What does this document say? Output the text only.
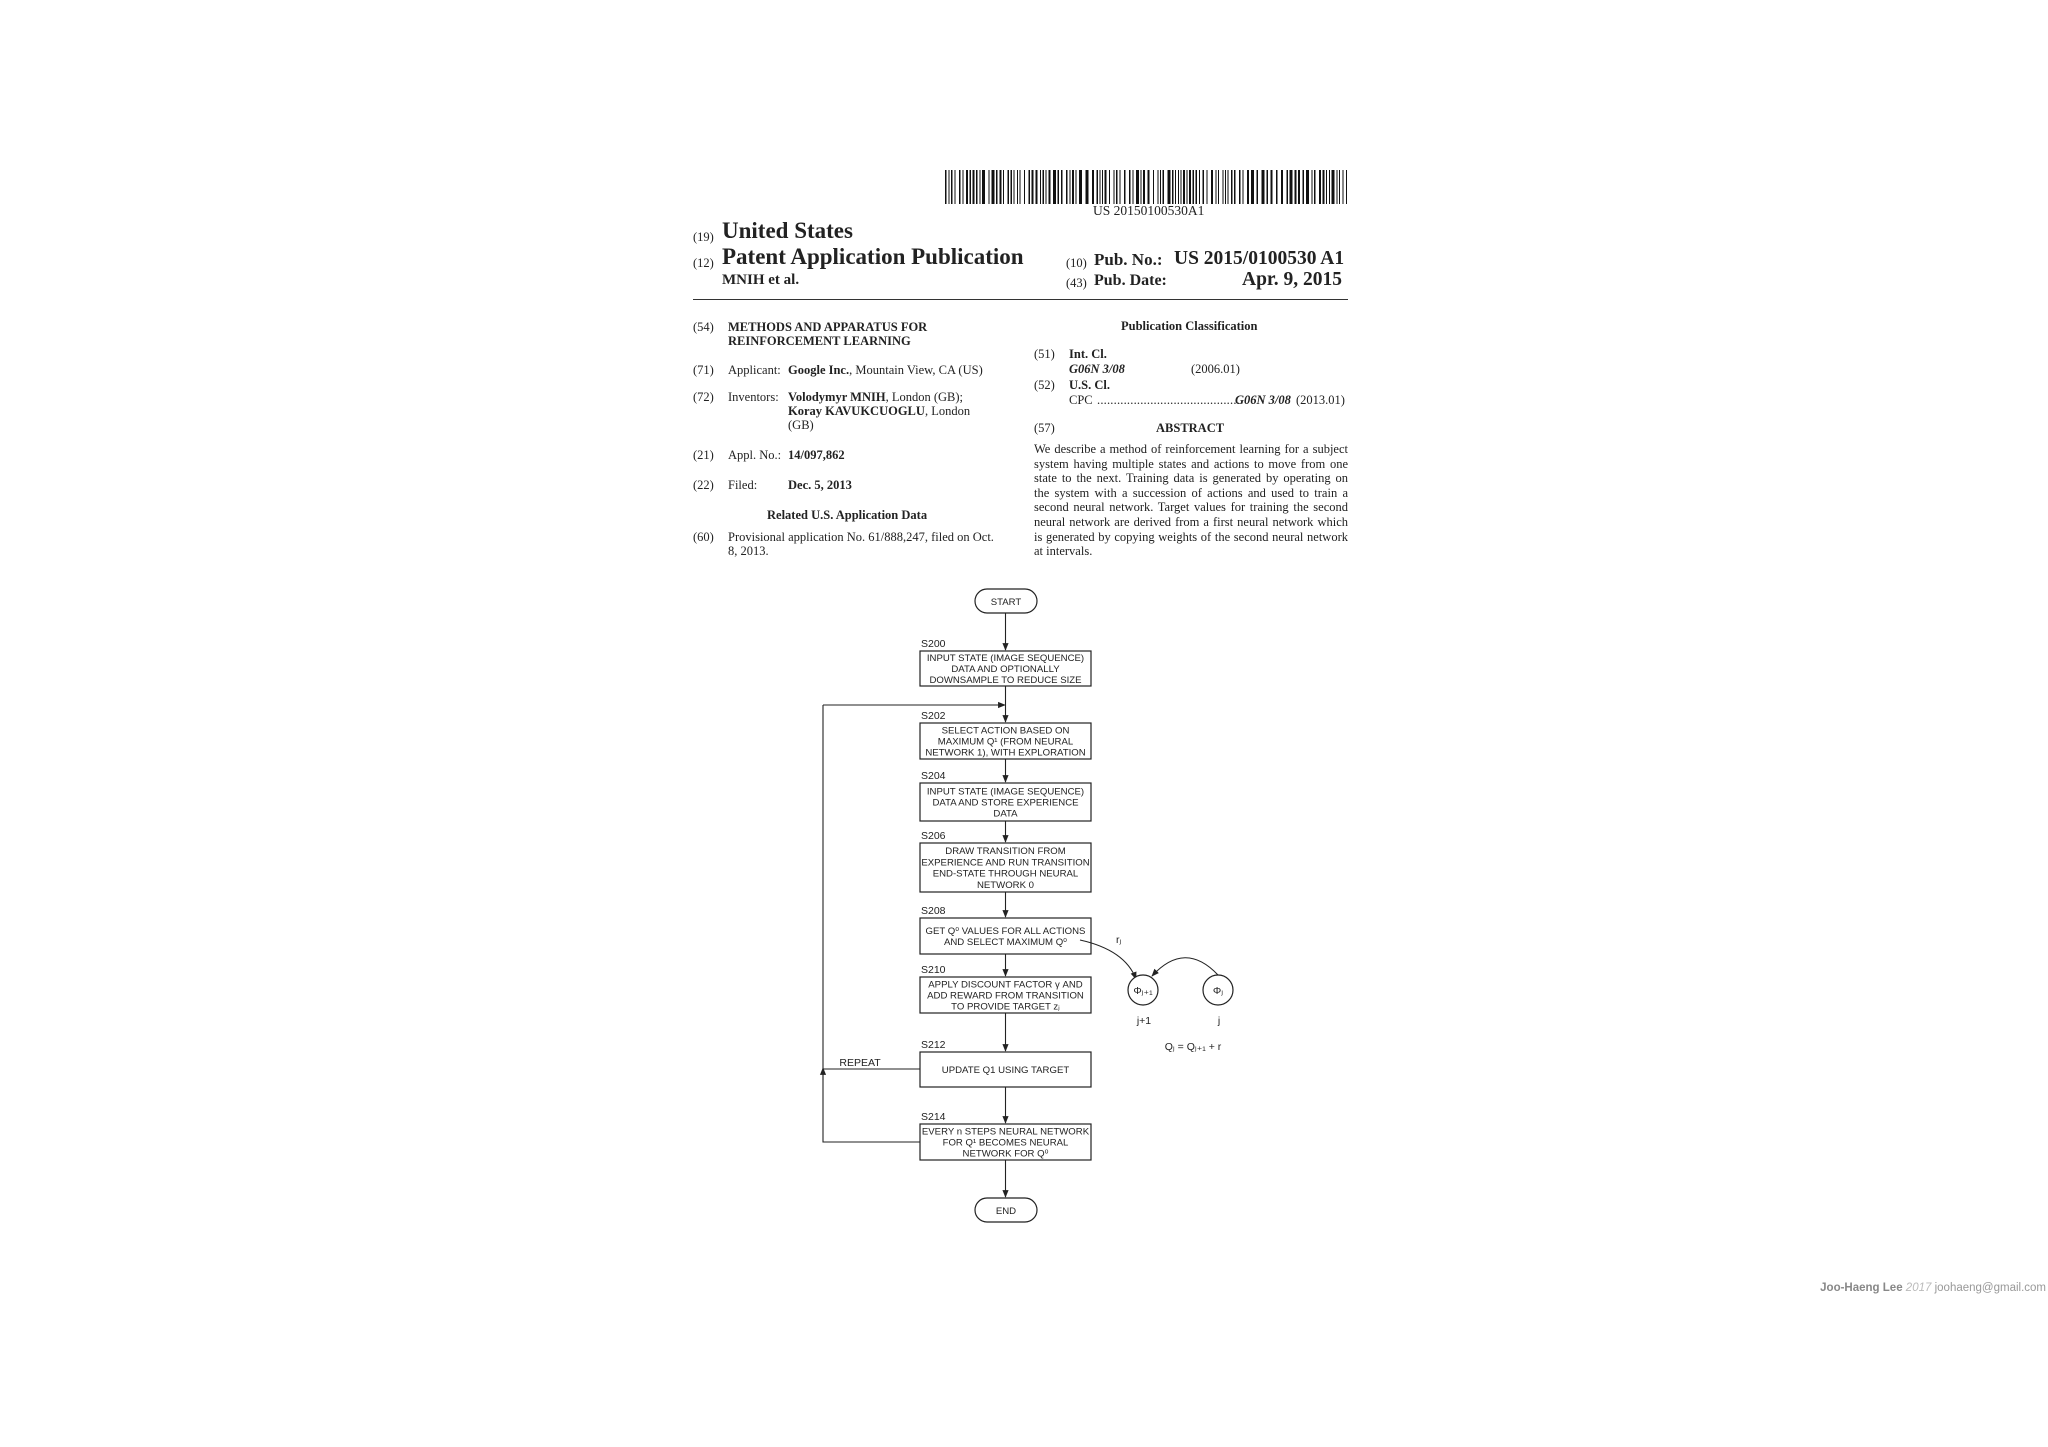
US 20150100530A1
(19) United States
(12) Patent Application Publication
MNIH et al.
(10) Pub. No.: US 2015/0100530 A1
(43) Pub. Date:	Apr. 9, 2015
(54) METHODS AND APPARATUS FOR
REINFORCEMENT LEARNING
(71) Applicant: Google Inc., Mountain View, CA (US)
(72) Inventors: Volodymyr MNIH, London (GB);
Koray KAVUKCUOGLU, London
(GB)
(21) Appl. No.: 14/097,862
(22) Filed: Dec. 5, 2013
Related U.S. Application Data
(60) Provisional application No. 61/888,247, filed on Oct.
8, 2013.
Publication Classification
(51) Int. Cl.
G06N 3/08	(2006.01)
(52) U.S. Cl.
CPC ...........................................
G06N 3/08 (2013.01)
(57)	ABSTRACT
We describe a method of reinforcement learning for a subject system having multiple states and actions to move from one state to the next. Training data is generated by operating on the system with a succession of actions and used to train a second neural network. Target values for training the second neural network are derived from a first neural network which is generated by copying weights of the second neural network at intervals.
START
END
S200
INPUT STATE (IMAGE SEQUENCE)
DATA AND OPTIONALLY
DOWNSAMPLE TO REDUCE SIZE
S202
SELECT ACTION BASED ON
MAXIMUM Q¹ (FROM NEURAL
NETWORK 1), WITH EXPLORATION
S204
INPUT STATE (IMAGE SEQUENCE)
DATA AND STORE EXPERIENCE
DATA
S206
DRAW TRANSITION FROM
EXPERIENCE AND RUN TRANSITION
END-STATE THROUGH NEURAL
NETWORK 0
S208
GET Q⁰ VALUES FOR ALL ACTIONS
AND SELECT MAXIMUM Q⁰
S210
APPLY DISCOUNT FACTOR γ AND
ADD REWARD FROM TRANSITION
TO PROVIDE TARGET zⱼ
S212
UPDATE Q1 USING TARGET
S214
EVERY n STEPS NEURAL NETWORK
FOR Q¹ BECOMES NEURAL
NETWORK FOR Q⁰
REPEAT
rⱼ
Φⱼ₊₁	Φⱼ
j+1	j
Qⱼ = Qⱼ₊₁ + r
Joo-Haeng Lee 2017 joohaeng@gmail.com
